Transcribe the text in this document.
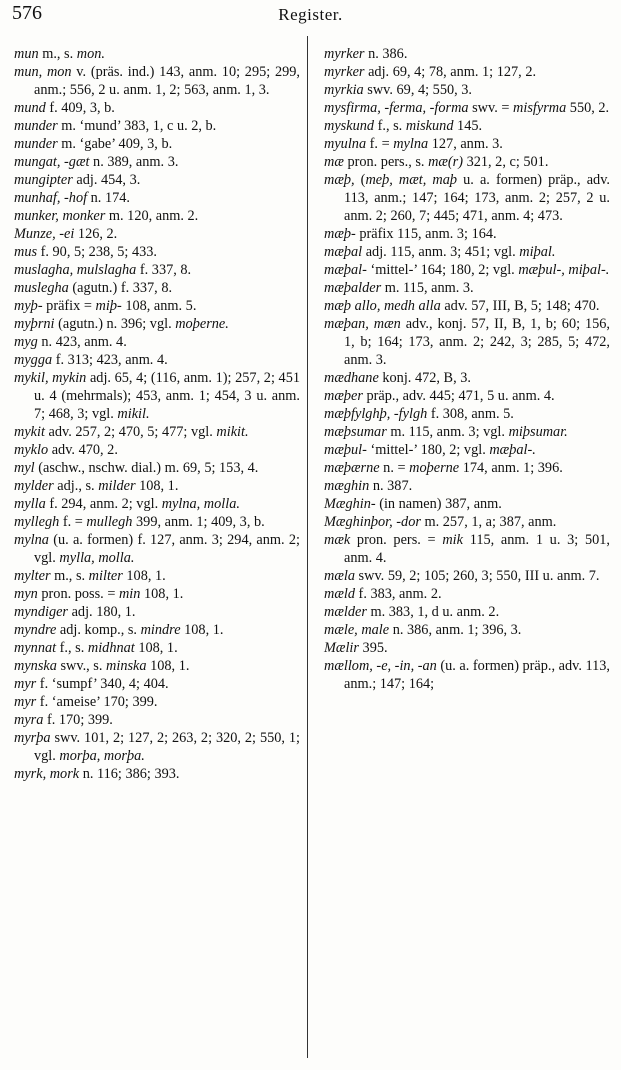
576	Register.
mun m., s. mon.
mun, mon v. (präs. ind.) 143, anm. 10; 295; 299, anm.; 556, 2 u. anm. 1, 2; 563, anm. 1, 3.
mund f. 409, 3, b.
munder m. ‘mund’ 383, 1, c u. 2, b.
munder m. ‘gabe’ 409, 3, b.
mungat, -gæt n. 389, anm. 3.
mungipter adj. 454, 3.
munhaf, -hof n. 174.
munker, monker m. 120, anm. 2.
Munze, -ei 126, 2.
mus f. 90, 5; 238, 5; 433.
muslagha, mulslagha f. 337, 8.
muslegha (agutn.) f. 337, 8.
myþ- präfix = miþ- 108, anm. 5.
myþrni (agutn.) n. 396; vgl. moþerne.
myg n. 423, anm. 4.
mygga f. 313; 423, anm. 4.
mykil, mykin adj. 65, 4; (116, anm. 1); 257, 2; 451 u. 4 (mehrmals); 453, anm. 1; 454, 3 u. anm. 7; 468, 3; vgl. mikil.
mykit adv. 257, 2; 470, 5; 477; vgl. mikit.
myklo adv. 470, 2.
myl (aschw., nschw. dial.) m. 69, 5; 153, 4.
mylder adj., s. milder 108, 1.
mylla f. 294, anm. 2; vgl. mylna, molla.
myllegh f. = mullegh 399, anm. 1; 409, 3, b.
mylna (u. a. formen) f. 127, anm. 3; 294, anm. 2; vgl. mylla, molla.
mylter m., s. milter 108, 1.
myn pron. poss. = min 108, 1.
myndiger adj. 180, 1.
myndre adj. komp., s. mindre 108, 1.
mynnat f., s. midhnat 108, 1.
mynska swv., s. minska 108, 1.
myr f. ‘sumpf’ 340, 4; 404.
myr f. ‘ameise’ 170; 399.
myra f. 170; 399.
myrþa swv. 101, 2; 127, 2; 263, 2; 320, 2; 550, 1; vgl. morþa, morþa.
myrk, mork n. 116; 386; 393.
myrker n. 386.
myrker adj. 69, 4; 78, anm. 1; 127, 2.
myrkia swv. 69, 4; 550, 3.
mysfirma, -ferma, -forma swv. = misfyrma 550, 2.
myskund f., s. miskund 145.
myulna f. = mylna 127, anm. 3.
mæ pron. pers., s. mæ(r) 321, 2, c; 501.
mæþ, (meþ, mæt, maþ u. a. formen) präp., adv. 113, anm.; 147; 164; 173, anm. 2; 257, 2 u. anm. 2; 260, 7; 445; 471, anm. 4; 473.
mæþ- präfix 115, anm. 3; 164.
mæþal adj. 115, anm. 3; 451; vgl. miþal.
mæþal- ‘mittel-’ 164; 180, 2; vgl. mæþul-, miþal-.
mæþalder m. 115, anm. 3.
mæþ allo, medh alla adv. 57, III, B, 5; 148; 470.
mæþan, mæn adv., konj. 57, II, B, 1, b; 60; 156, 1, b; 164; 173, anm. 2; 242, 3; 285, 5; 472, anm. 3.
mædhane konj. 472, B, 3.
mæþer präp., adv. 445; 471, 5 u. anm. 4.
mæþfylghþ, -fylgh f. 308, anm. 5.
mæþsumar m. 115, anm. 3; vgl. miþsumar.
mæþul- ‘mittel-’ 180, 2; vgl. mæþal-.
mæþærne n. = moþerne 174, anm. 1; 396.
mæghin n. 387.
Mæghin- (in namen) 387, anm.
Mæghinþor, -dor m. 257, 1, a; 387, anm.
mæk pron. pers. = mik 115, anm. 1 u. 3; 501, anm. 4.
mæla swv. 59, 2; 105; 260, 3; 550, III u. anm. 7.
mæld f. 383, anm. 2.
mælder m. 383, 1, d u. anm. 2.
mæle, male n. 386, anm. 1; 396, 3.
Mælir 395.
mællom, -e, -in, -an (u. a. formen) präp., adv. 113, anm.; 147; 164;
